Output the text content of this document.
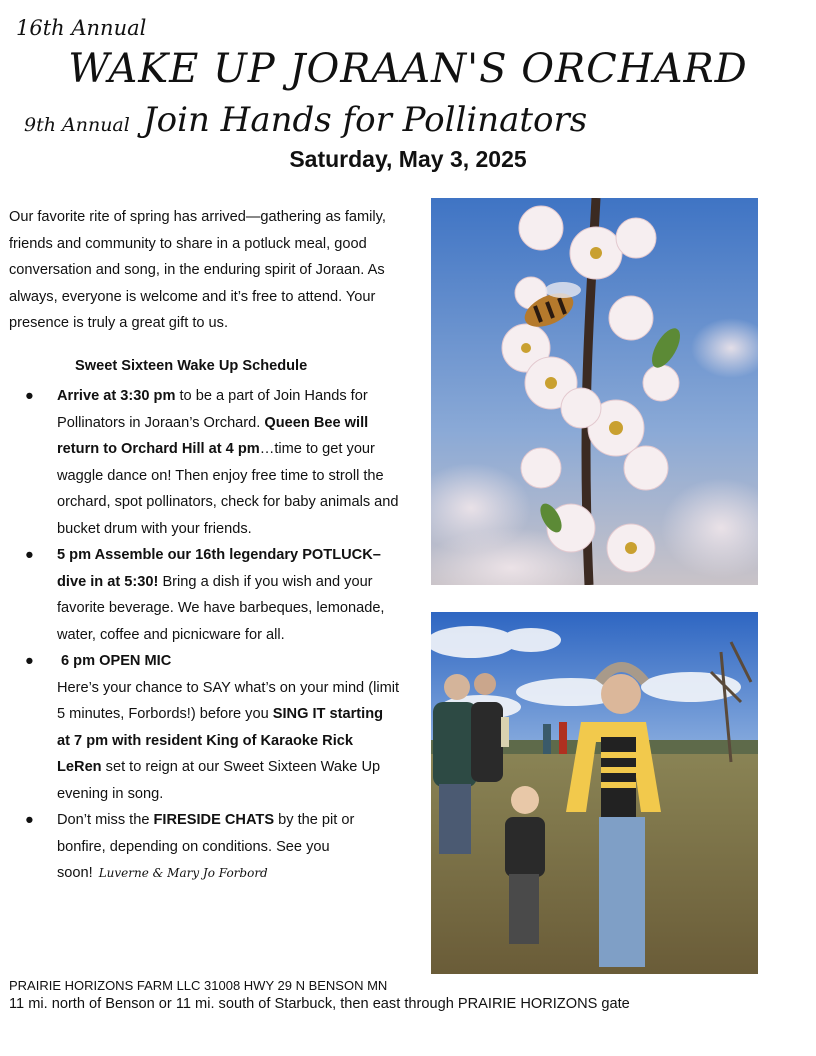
16th Annual
WAKE UP JORAAN'S ORCHARD
9th Annual Join Hands for Pollinators
Saturday, May 3, 2025
Our favorite rite of spring has arrived—gathering as family, friends and community to share in a potluck meal, good conversation and song, in the enduring spirit of Joraan. As always, everyone is welcome and it’s free to attend. Your presence is truly a great gift to us.
Sweet Sixteen Wake Up Schedule
● Arrive at 3:30 pm to be a part of Join Hands for Pollinators in Joraan’s Orchard. Queen Bee will return to Orchard Hill at 4 pm…time to get your waggle dance on! Then enjoy free time to stroll the orchard, spot pollinators, check for baby animals and bucket drum with your friends.
● 5 pm Assemble our 16th legendary POTLUCK–dive in at 5:30! Bring a dish if you wish and your favorite beverage. We have barbeques, lemonade, water, coffee and picnicware for all.
● 6 pm OPEN MIC
Here’s your chance to SAY what’s on your mind (limit 5 minutes, Forbords!) before you SING IT starting at 7 pm with resident King of Karaoke Rick LeRen set to reign at our Sweet Sixteen Wake Up evening in song.
● Don’t miss the FIRESIDE CHATS by the pit or bonfire, depending on conditions. See you soon! Luverne & Mary Jo Forbord
PRAIRIE HORIZONS FARM LLC 31008 HWY 29 N BENSON MN
11 mi. north of Benson or 11 mi. south of Starbuck, then east through PRAIRIE HORIZONS gate
